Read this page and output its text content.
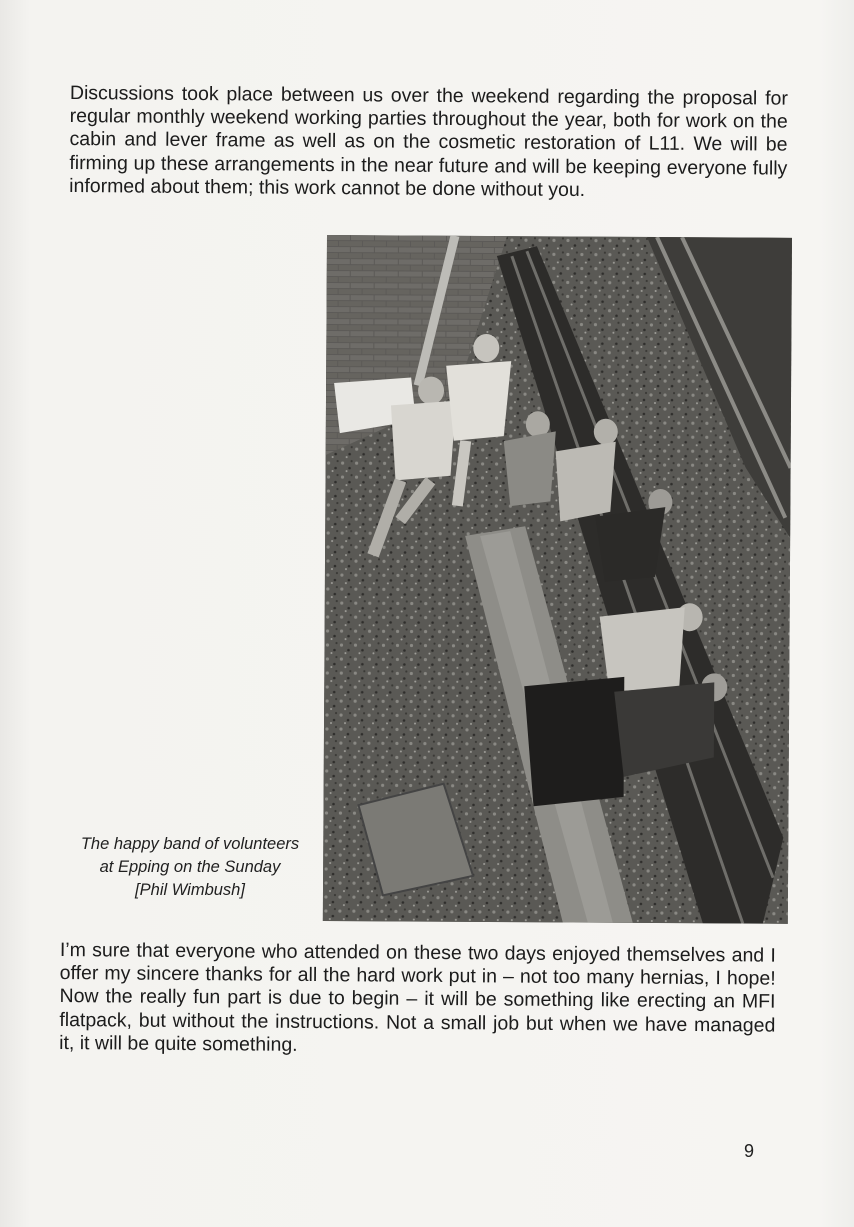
Discussions took place between us over the weekend regarding the proposal for regular monthly weekend working parties throughout the year, both for work on the cabin and lever frame as well as on the cosmetic restoration of L11. We will be firming up these arrangements in the near future and will be keeping everyone fully informed about them; this work cannot be done without you.

The happy band of volunteers
at Epping on the Sunday
[Phil Wimbush]

I’m sure that everyone who attended on these two days enjoyed themselves and I offer my sincere thanks for all the hard work put in – not too many hernias, I hope! Now the really fun part is due to begin – it will be something like erecting an MFI flatpack, but without the instructions. Not a small job but when we have managed it, it will be quite something.

9
